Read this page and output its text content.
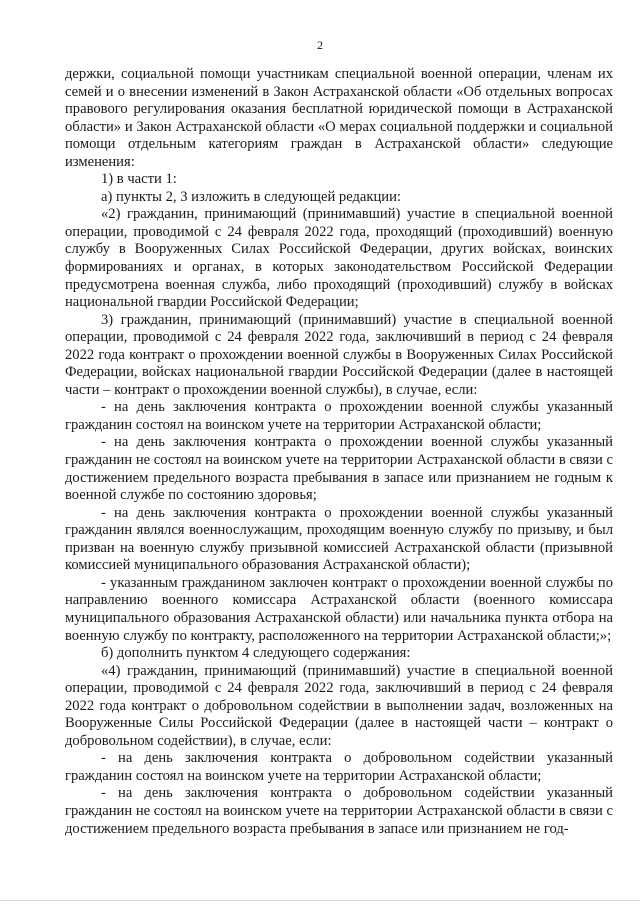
2

держки, социальной помощи участникам специальной военной операции, членам их семей и о внесении изменений в Закон Астраханской области «Об отдельных вопросах правового регулирования оказания бесплатной юридической помощи в Астраханской области» и Закон Астраханской области «О мерах социальной поддержки и социальной помощи отдельным категориям граждан в Астраханской области» следующие изменения:

1) в части 1:

а) пункты 2, 3 изложить в следующей редакции:

«2) гражданин, принимающий (принимавший) участие в специальной военной операции, проводимой с 24 февраля 2022 года, проходящий (проходивший) военную службу в Вооруженных Силах Российской Федерации, других войсках, воинских формированиях и органах, в которых законодательством Российской Федерации предусмотрена военная служба, либо проходящий (проходивший) службу в войсках национальной гвардии Российской Федерации;

3) гражданин, принимающий (принимавший) участие в специальной военной операции, проводимой с 24 февраля 2022 года, заключивший в период с 24 февраля 2022 года контракт о прохождении военной службы в Вооруженных Силах Российской Федерации, войсках национальной гвардии Российской Федерации (далее в настоящей части – контракт о прохождении военной службы), в случае, если:

- на день заключения контракта о прохождении военной службы указанный гражданин состоял на воинском учете на территории Астраханской области;

- на день заключения контракта о прохождении военной службы указанный гражданин не состоял на воинском учете на территории Астраханской области в связи с достижением предельного возраста пребывания в запасе или признанием не годным к военной службе по состоянию здоровья;

- на день заключения контракта о прохождении военной службы указанный гражданин являлся военнослужащим, проходящим военную службу по призыву, и был призван на военную службу призывной комиссией Астраханской области (призывной комиссией муниципального образования Астраханской области);

- указанным гражданином заключен контракт о прохождении военной службы по направлению военного комиссара Астраханской области (военного комиссара муниципального образования Астраханской области) или начальника пункта отбора на военную службу по контракту, расположенного на территории Астраханской области;»;

б) дополнить пунктом 4 следующего содержания:

«4) гражданин, принимающий (принимавший) участие в специальной военной операции, проводимой с 24 февраля 2022 года, заключивший в период с 24 февраля 2022 года контракт о добровольном содействии в выполнении задач, возложенных на Вооруженные Силы Российской Федерации (далее в настоящей части – контракт о добровольном содействии), в случае, если:

- на день заключения контракта о добровольном содействии указанный гражданин состоял на воинском учете на территории Астраханской области;

- на день заключения контракта о добровольном содействии указанный гражданин не состоял на воинском учете на территории Астраханской области в связи с достижением предельного возраста пребывания в запасе или признанием не год-
